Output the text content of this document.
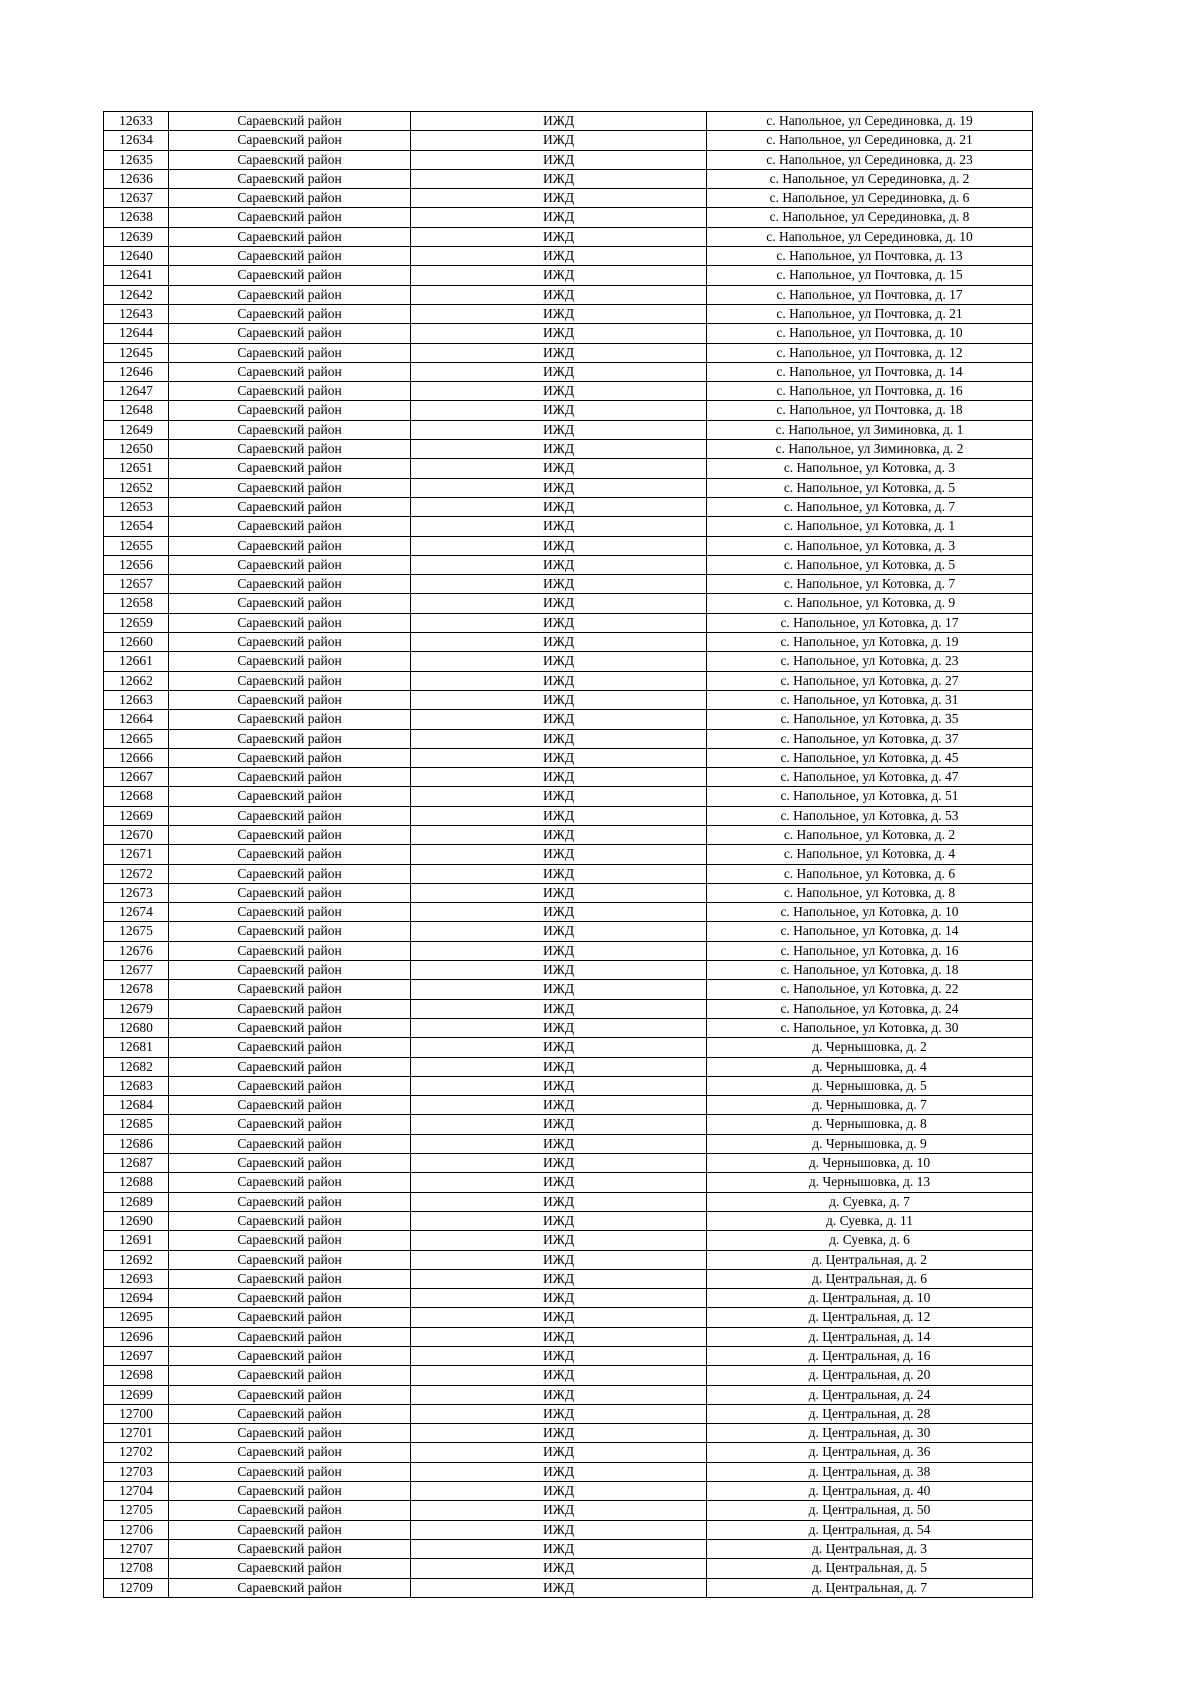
12633	Сараевский район	ИЖД	с. Напольное, ул Серединовка, д. 19
12634	Сараевский район	ИЖД	с. Напольное, ул Серединовка, д. 21
12635	Сараевский район	ИЖД	с. Напольное, ул Серединовка, д. 23
12636	Сараевский район	ИЖД	с. Напольное, ул Серединовка, д. 2
12637	Сараевский район	ИЖД	с. Напольное, ул Серединовка, д. 6
12638	Сараевский район	ИЖД	с. Напольное, ул Серединовка, д. 8
12639	Сараевский район	ИЖД	с. Напольное, ул Серединовка, д. 10
12640	Сараевский район	ИЖД	с. Напольное, ул Почтовка, д. 13
12641	Сараевский район	ИЖД	с. Напольное, ул Почтовка, д. 15
12642	Сараевский район	ИЖД	с. Напольное, ул Почтовка, д. 17
12643	Сараевский район	ИЖД	с. Напольное, ул Почтовка, д. 21
12644	Сараевский район	ИЖД	с. Напольное, ул Почтовка, д. 10
12645	Сараевский район	ИЖД	с. Напольное, ул Почтовка, д. 12
12646	Сараевский район	ИЖД	с. Напольное, ул Почтовка, д. 14
12647	Сараевский район	ИЖД	с. Напольное, ул Почтовка, д. 16
12648	Сараевский район	ИЖД	с. Напольное, ул Почтовка, д. 18
12649	Сараевский район	ИЖД	с. Напольное, ул Зиминовка, д. 1
12650	Сараевский район	ИЖД	с. Напольное, ул Зиминовка, д. 2
12651	Сараевский район	ИЖД	с. Напольное, ул Котовка, д. 3
12652	Сараевский район	ИЖД	с. Напольное, ул Котовка, д. 5
12653	Сараевский район	ИЖД	с. Напольное, ул Котовка, д. 7
12654	Сараевский район	ИЖД	с. Напольное, ул Котовка, д. 1
12655	Сараевский район	ИЖД	с. Напольное, ул Котовка, д. 3
12656	Сараевский район	ИЖД	с. Напольное, ул Котовка, д. 5
12657	Сараевский район	ИЖД	с. Напольное, ул Котовка, д. 7
12658	Сараевский район	ИЖД	с. Напольное, ул Котовка, д. 9
12659	Сараевский район	ИЖД	с. Напольное, ул Котовка, д. 17
12660	Сараевский район	ИЖД	с. Напольное, ул Котовка, д. 19
12661	Сараевский район	ИЖД	с. Напольное, ул Котовка, д. 23
12662	Сараевский район	ИЖД	с. Напольное, ул Котовка, д. 27
12663	Сараевский район	ИЖД	с. Напольное, ул Котовка, д. 31
12664	Сараевский район	ИЖД	с. Напольное, ул Котовка, д. 35
12665	Сараевский район	ИЖД	с. Напольное, ул Котовка, д. 37
12666	Сараевский район	ИЖД	с. Напольное, ул Котовка, д. 45
12667	Сараевский район	ИЖД	с. Напольное, ул Котовка, д. 47
12668	Сараевский район	ИЖД	с. Напольное, ул Котовка, д. 51
12669	Сараевский район	ИЖД	с. Напольное, ул Котовка, д. 53
12670	Сараевский район	ИЖД	с. Напольное, ул Котовка, д. 2
12671	Сараевский район	ИЖД	с. Напольное, ул Котовка, д. 4
12672	Сараевский район	ИЖД	с. Напольное, ул Котовка, д. 6
12673	Сараевский район	ИЖД	с. Напольное, ул Котовка, д. 8
12674	Сараевский район	ИЖД	с. Напольное, ул Котовка, д. 10
12675	Сараевский район	ИЖД	с. Напольное, ул Котовка, д. 14
12676	Сараевский район	ИЖД	с. Напольное, ул Котовка, д. 16
12677	Сараевский район	ИЖД	с. Напольное, ул Котовка, д. 18
12678	Сараевский район	ИЖД	с. Напольное, ул Котовка, д. 22
12679	Сараевский район	ИЖД	с. Напольное, ул Котовка, д. 24
12680	Сараевский район	ИЖД	с. Напольное, ул Котовка, д. 30
12681	Сараевский район	ИЖД	д. Чернышовка, д. 2
12682	Сараевский район	ИЖД	д. Чернышовка, д. 4
12683	Сараевский район	ИЖД	д. Чернышовка, д. 5
12684	Сараевский район	ИЖД	д. Чернышовка, д. 7
12685	Сараевский район	ИЖД	д. Чернышовка, д. 8
12686	Сараевский район	ИЖД	д. Чернышовка, д. 9
12687	Сараевский район	ИЖД	д. Чернышовка, д. 10
12688	Сараевский район	ИЖД	д. Чернышовка, д. 13
12689	Сараевский район	ИЖД	д. Суевка, д. 7
12690	Сараевский район	ИЖД	д. Суевка, д. 11
12691	Сараевский район	ИЖД	д. Суевка, д. 6
12692	Сараевский район	ИЖД	д. Центральная, д. 2
12693	Сараевский район	ИЖД	д. Центральная, д. 6
12694	Сараевский район	ИЖД	д. Центральная, д. 10
12695	Сараевский район	ИЖД	д. Центральная, д. 12
12696	Сараевский район	ИЖД	д. Центральная, д. 14
12697	Сараевский район	ИЖД	д. Центральная, д. 16
12698	Сараевский район	ИЖД	д. Центральная, д. 20
12699	Сараевский район	ИЖД	д. Центральная, д. 24
12700	Сараевский район	ИЖД	д. Центральная, д. 28
12701	Сараевский район	ИЖД	д. Центральная, д. 30
12702	Сараевский район	ИЖД	д. Центральная, д. 36
12703	Сараевский район	ИЖД	д. Центральная, д. 38
12704	Сараевский район	ИЖД	д. Центральная, д. 40
12705	Сараевский район	ИЖД	д. Центральная, д. 50
12706	Сараевский район	ИЖД	д. Центральная, д. 54
12707	Сараевский район	ИЖД	д. Центральная, д. 3
12708	Сараевский район	ИЖД	д. Центральная, д. 5
12709	Сараевский район	ИЖД	д. Центральная, д. 7
